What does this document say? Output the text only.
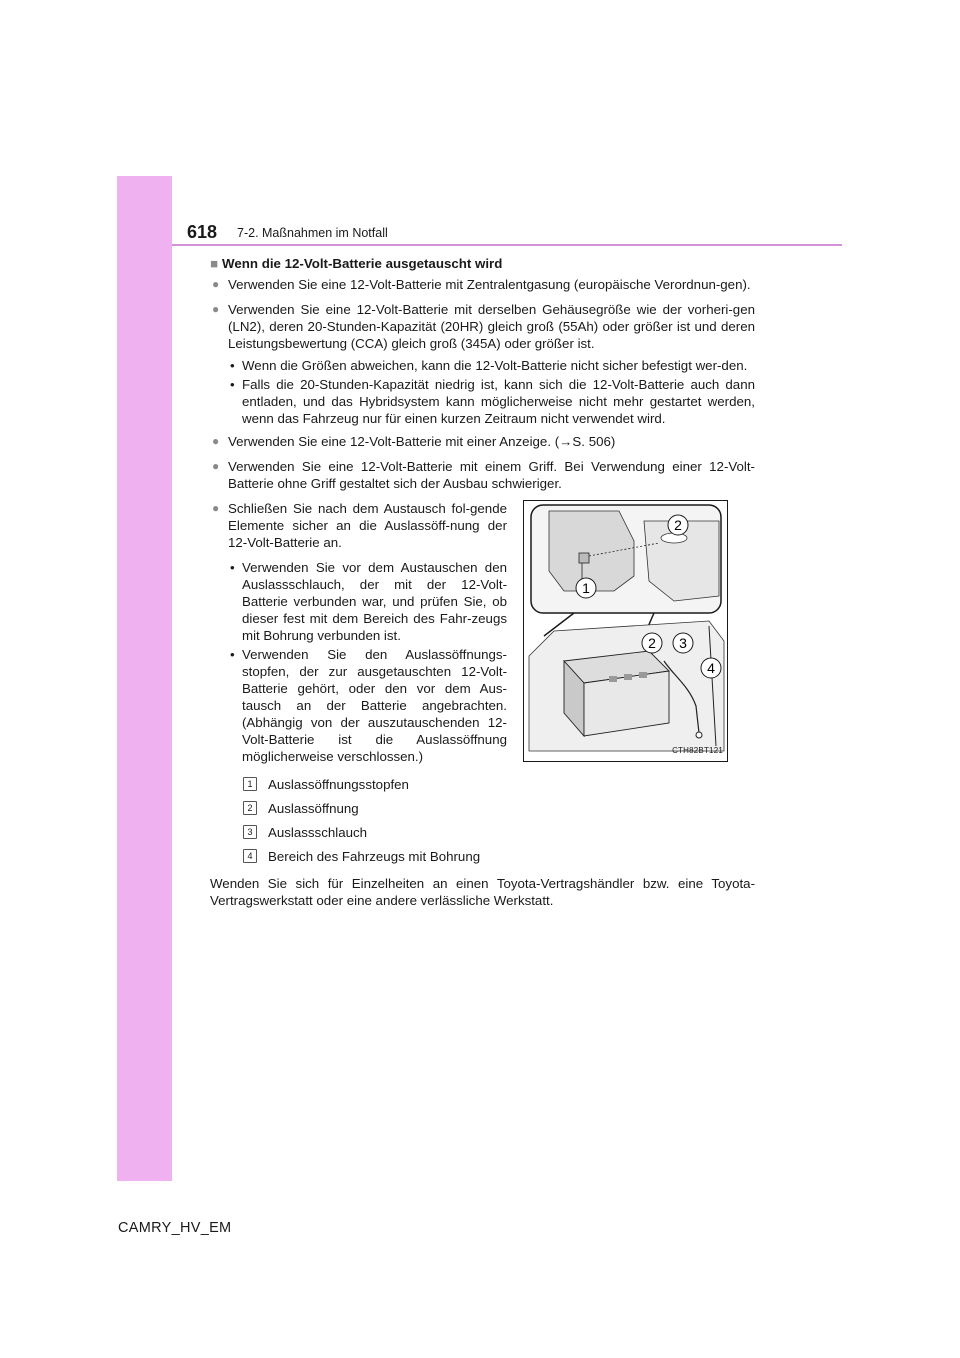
618 7-2. Maßnahmen im Notfall
■ Wenn die 12-Volt-Batterie ausgetauscht wird
● Verwenden Sie eine 12-Volt-Batterie mit Zentralentgasung (europäische Verordnun-gen).
● Verwenden Sie eine 12-Volt-Batterie mit derselben Gehäusegröße wie der vorheri-gen (LN2), deren 20-Stunden-Kapazität (20HR) gleich groß (55Ah) oder größer ist und deren Leistungsbewertung (CCA) gleich groß (345A) oder größer ist.
• Wenn die Größen abweichen, kann die 12-Volt-Batterie nicht sicher befestigt wer-den.
• Falls die 20-Stunden-Kapazität niedrig ist, kann sich die 12-Volt-Batterie auch dann entladen, und das Hybridsystem kann möglicherweise nicht mehr gestartet werden, wenn das Fahrzeug nur für einen kurzen Zeitraum nicht verwendet wird.
● Verwenden Sie eine 12-Volt-Batterie mit einer Anzeige. (→S. 506)
● Verwenden Sie eine 12-Volt-Batterie mit einem Griff. Bei Verwendung einer 12-Volt-Batterie ohne Griff gestaltet sich der Ausbau schwieriger.
● Schließen Sie nach dem Austausch fol-gende Elemente sicher an die Auslassöff-nung der 12-Volt-Batterie an.
• Verwenden Sie vor dem Austauschen den Auslassschlauch, der mit der 12-Volt-Batterie verbunden war, und prüfen Sie, ob dieser fest mit dem Bereich des Fahr-zeugs mit Bohrung verbunden ist.
• Verwenden Sie den Auslassöffnungs-stopfen, der zur ausgetauschten 12-Volt-Batterie gehört, oder den vor dem Aus-tausch an der Batterie angebrachten. (Abhängig von der auszutauschenden 12-Volt-Batterie ist die Auslassöffnung möglicherweise verschlossen.)
2
1
2 3
4
CTH82BT121
1	Auslassöffnungsstopfen
2	Auslassöffnung
3	Auslassschlauch
4	Bereich des Fahrzeugs mit Bohrung
Wenden Sie sich für Einzelheiten an einen Toyota-Vertragshändler bzw. eine Toyota-Vertragswerkstatt oder eine andere verlässliche Werkstatt.
CAMRY_HV_EM
